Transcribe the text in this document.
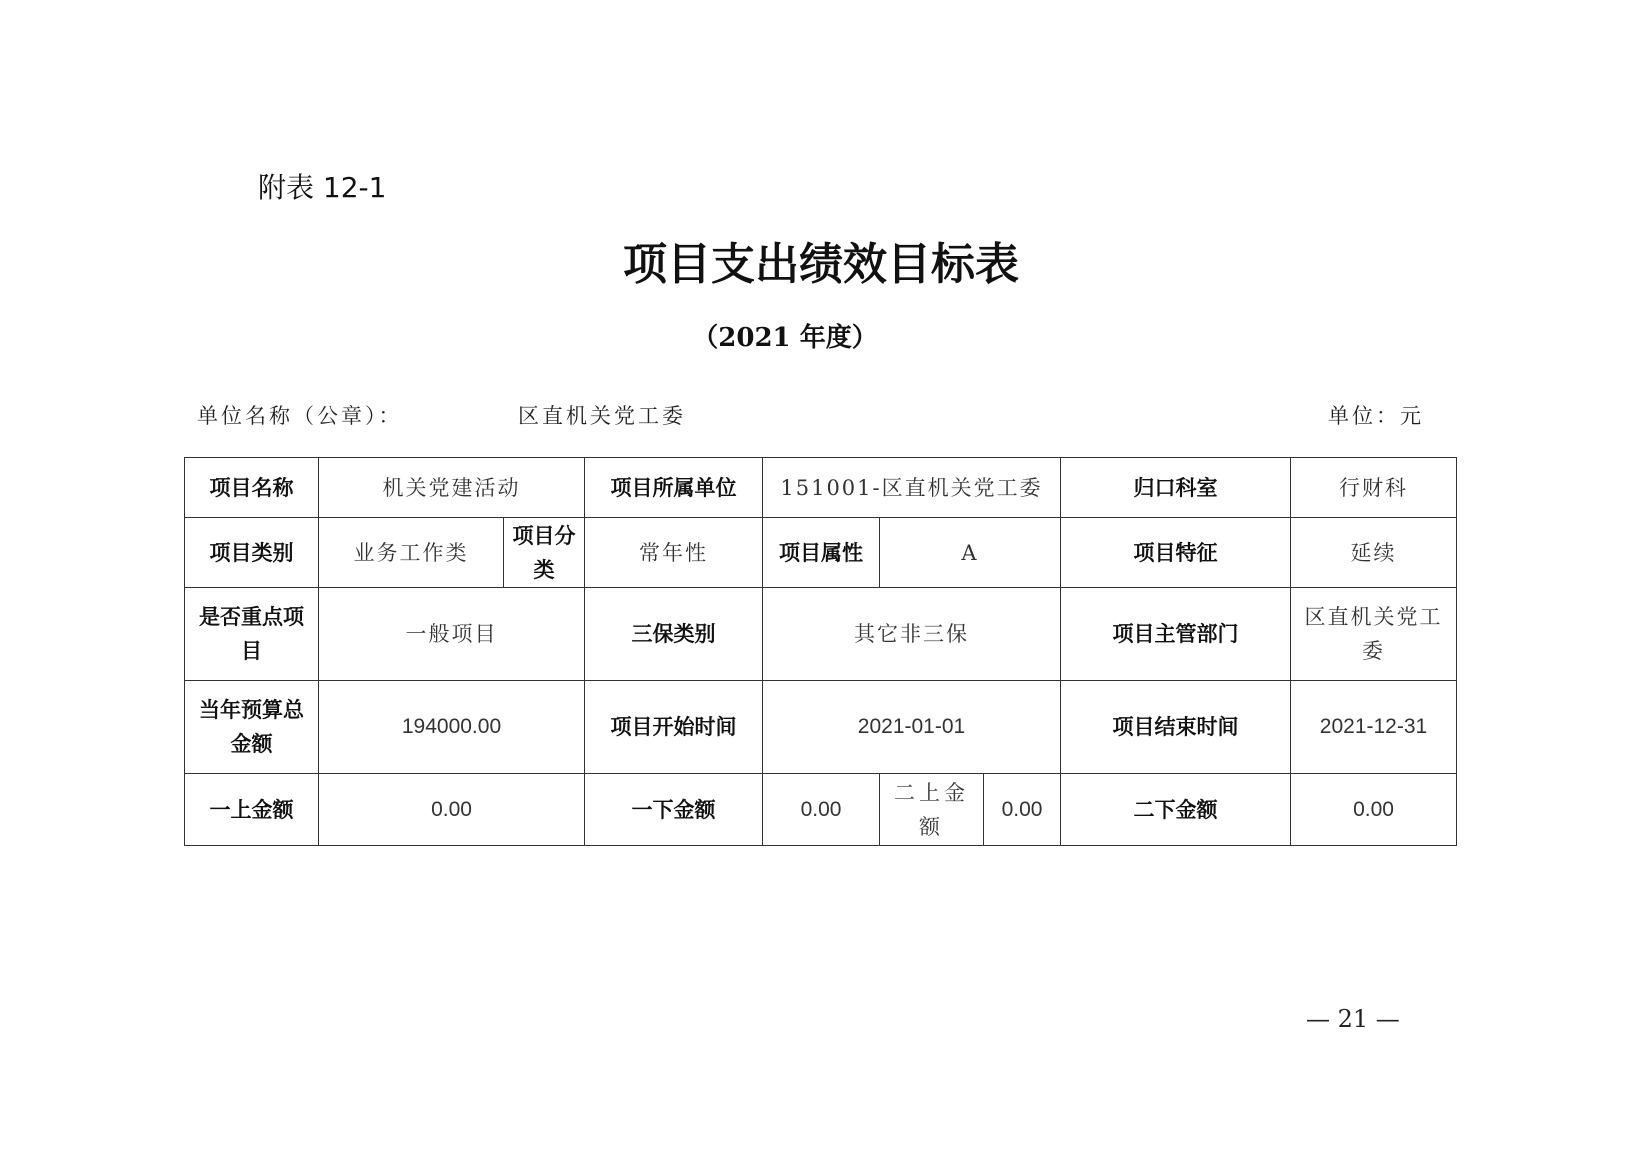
附表 12-1
项目支出绩效目标表
（2021 年度）
单位名称（公章）：	区直机关党工委	单位：元
项目名称	机关党建活动		项目所属单位	151001-区直机关党工委			归口科室	行财科
项目类别	业务工作类	项目分类	常年性	项目属性	A		项目特征	延续
是否重点项目	一般项目		三保类别	其它非三保			项目主管部门	区直机关党工委
当年预算总金额	194000.00		项目开始时间	2021-01-01			项目结束时间	2021-12-31
一上金额	0.00		一下金额	0.00	二上金额	0.00	二下金额	0.00
— 21 —
